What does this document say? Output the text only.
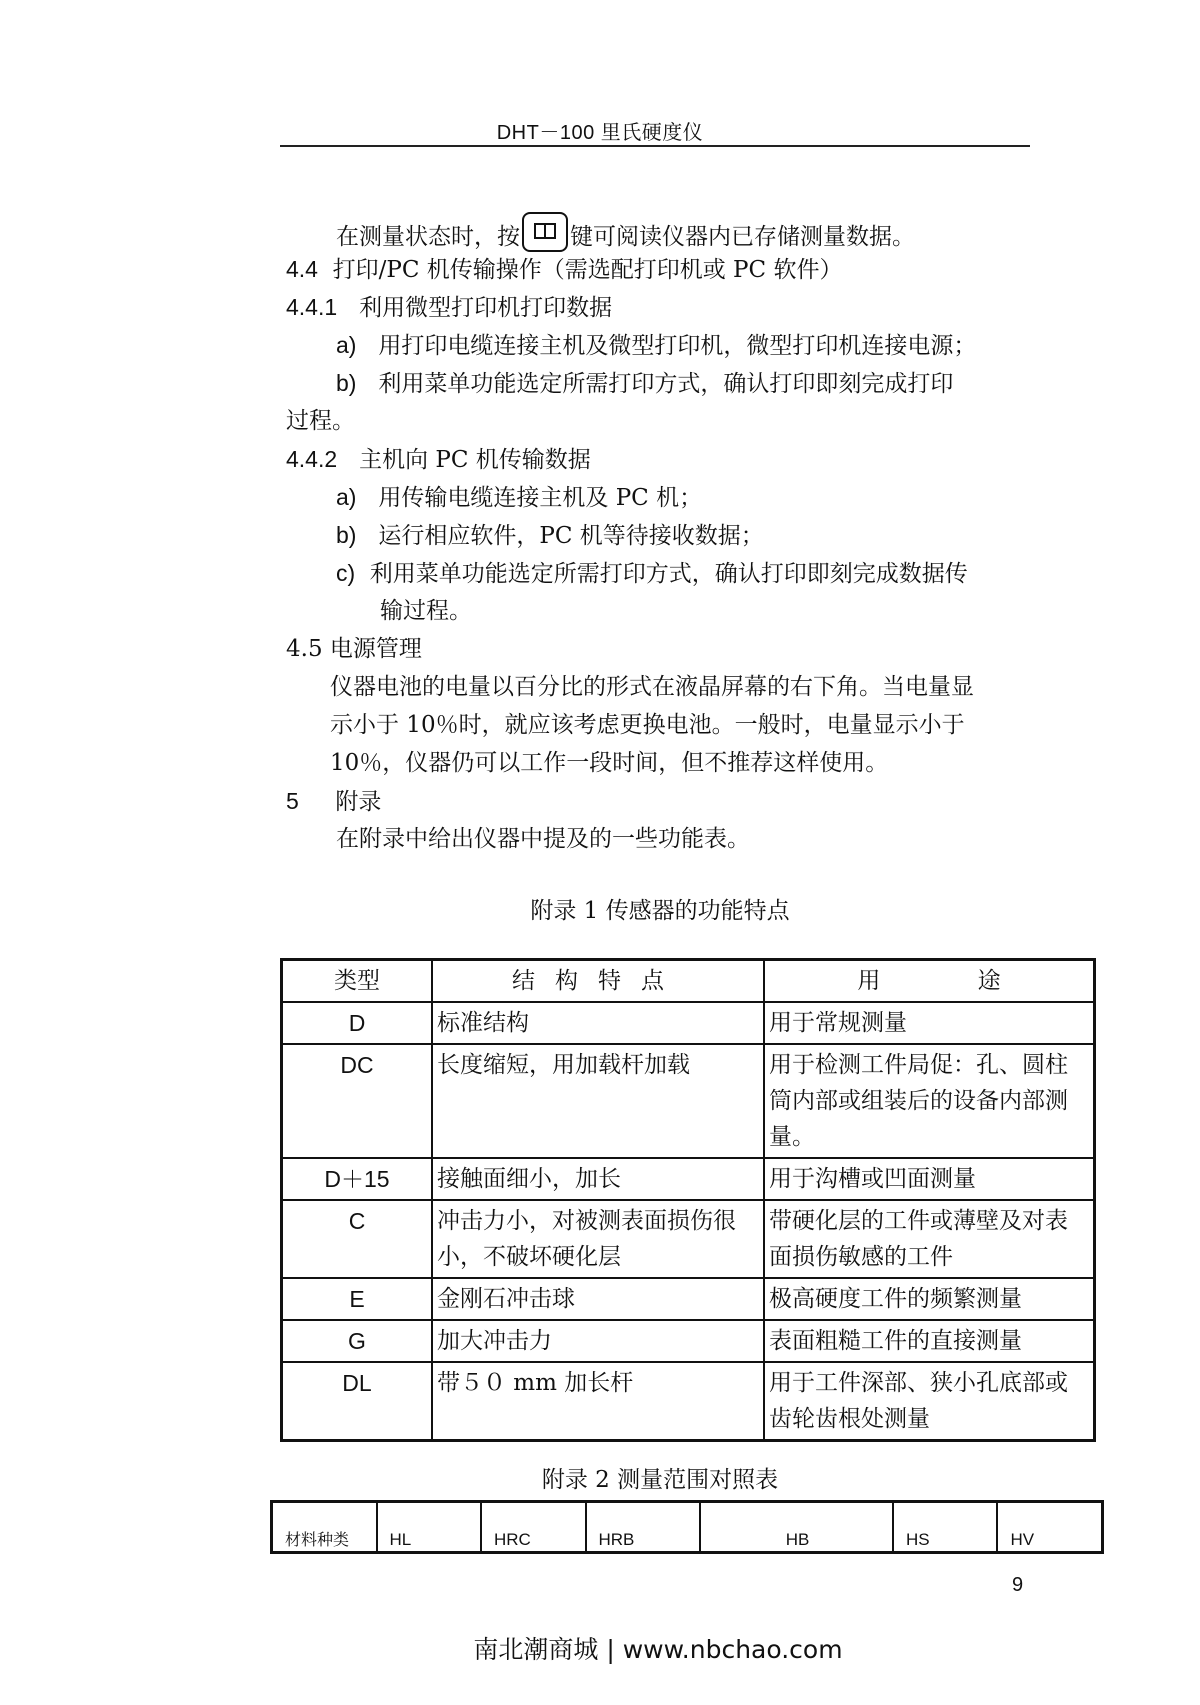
DHT－100 里氏硬度仪
在测量状态时，按 键可阅读仪器内已存储测量数据。
4.4 打印/PC 机传输操作（需选配打印机或 PC 软件）
4.4.1 利用微型打印机打印数据
a) 用打印电缆连接主机及微型打印机，微型打印机连接电源；
b) 利用菜单功能选定所需打印方式，确认打印即刻完成打印
过程。
4.4.2 主机向 PC 机传输数据
a) 用传输电缆连接主机及 PC 机；
b) 运行相应软件，PC 机等待接收数据；
c) 利用菜单功能选定所需打印方式，确认打印即刻完成数据传
输过程。
4.5 电源管理
仪器电池的电量以百分比的形式在液晶屏幕的右下角。当电量显
示小于 10％时，就应该考虑更换电池。一般时，电量显示小于
10％，仪器仍可以工作一段时间，但不推荐这样使用。
5 附录
在附录中给出仪器中提及的一些功能表。
附录 1 传感器的功能特点
类型	结构特点	用 途
D	标准结构	用于常规测量
DC	长度缩短，用加载杆加载	用于检测工件局促：孔、圆柱筒内部或组装后的设备内部测量。
D＋15	接触面细小，加长	用于沟槽或凹面测量
C	冲击力小，对被测表面损伤很小，不破坏硬化层	带硬化层的工件或薄壁及对表面损伤敏感的工件
E	金刚石冲击球	极高硬度工件的频繁测量
G	加大冲击力	表面粗糙工件的直接测量
DL	带５０ mm 加长杆	用于工件深部、狭小孔底部或齿轮齿根处测量
附录 2 测量范围对照表
材料种类	HL	HRC	HRB	HB	HS	HV
9
南北潮商城 | www.nbchao.com
